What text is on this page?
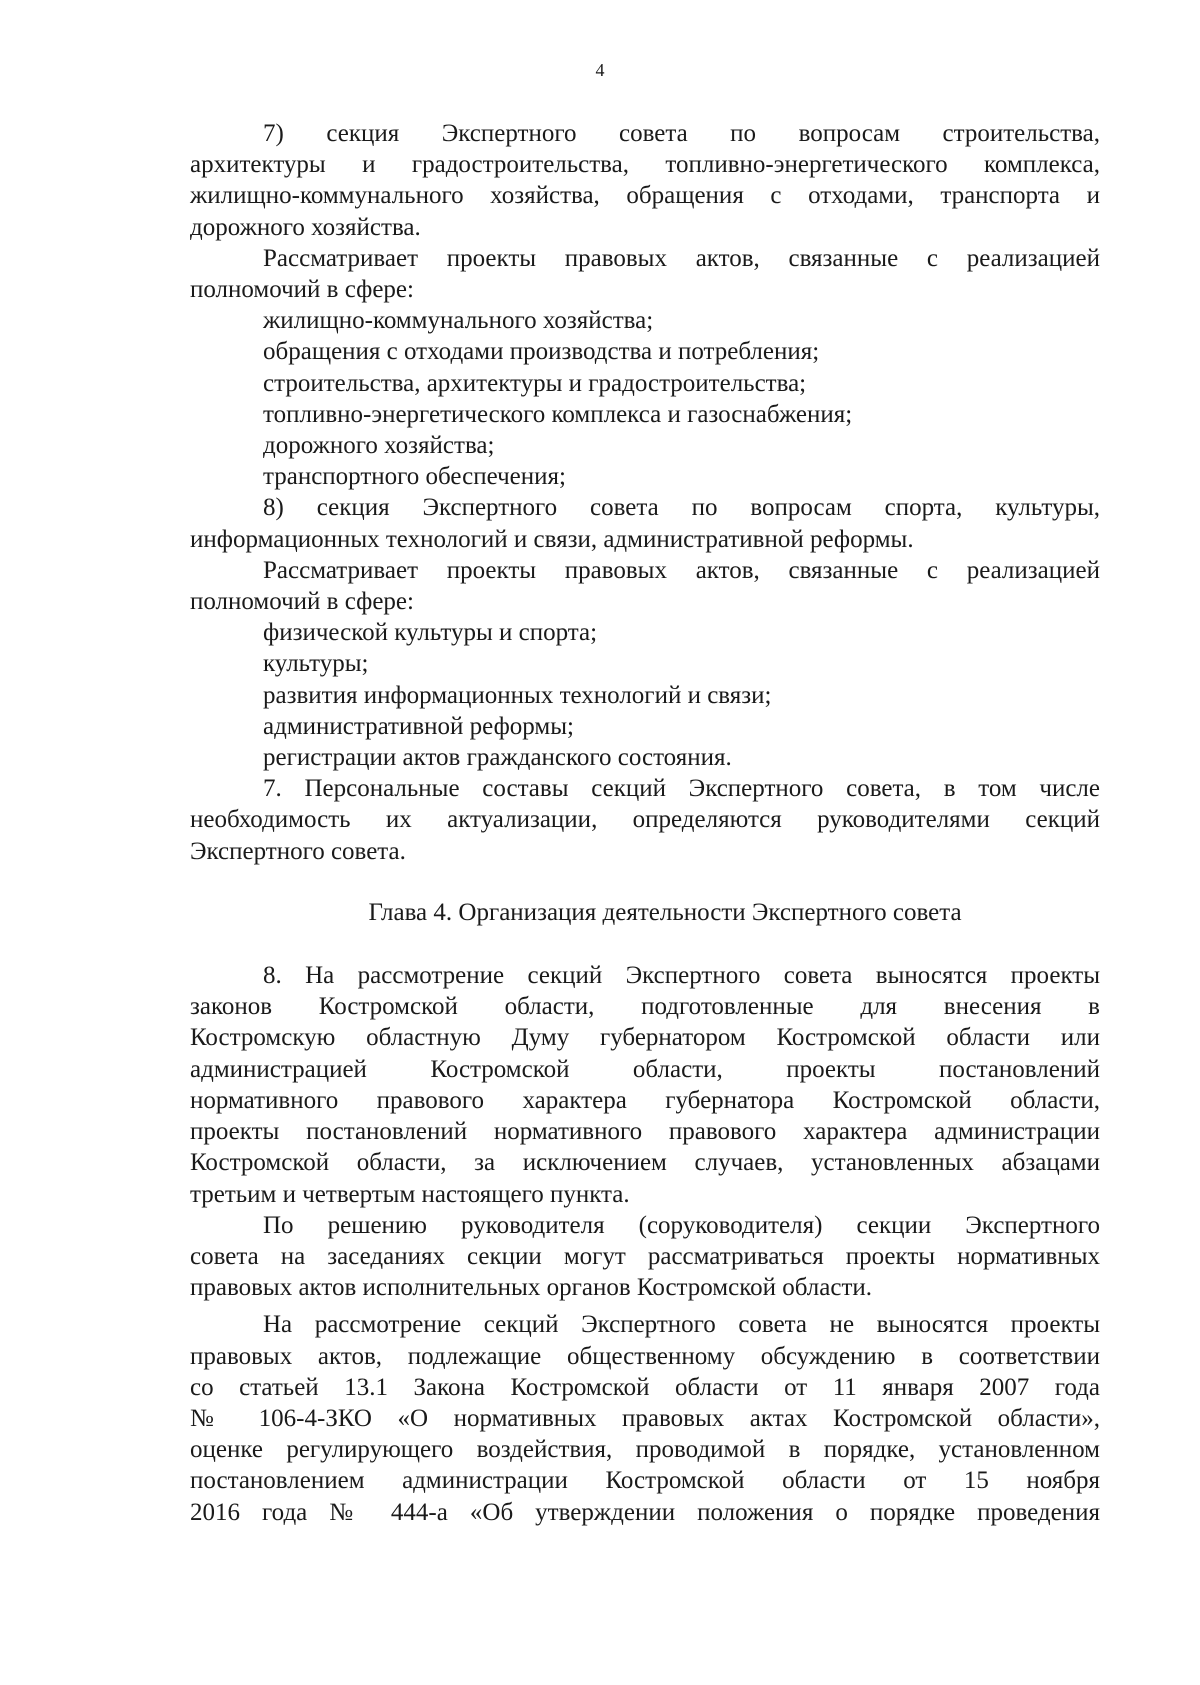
4

7) секция Экспертного совета по вопросам строительства,

архитектуры и градостроительства, топливно-энергетического комплекса,

жилищно-коммунального хозяйства, обращения с отходами, транспорта и

дорожного хозяйства.

Рассматривает проекты правовых актов, связанные с реализацией

полномочий в сфере:

жилищно-коммунального хозяйства;

обращения с отходами производства и потребления;

строительства, архитектуры и градостроительства;

топливно-энергетического комплекса и газоснабжения;

дорожного хозяйства;

транспортного обеспечения;

8) секция Экспертного совета по вопросам спорта, культуры,

информационных технологий и связи, административной реформы.

Рассматривает проекты правовых актов, связанные с реализацией

полномочий в сфере:

физической культуры и спорта;

культуры;

развития информационных технологий и связи;

административной реформы;

регистрации актов гражданского состояния.

7. Персональные составы секций Экспертного совета, в том числе

необходимость их актуализации, определяются руководителями секций

Экспертного совета.

Глава 4. Организация деятельности Экспертного совета

8. На рассмотрение секций Экспертного совета выносятся проекты

законов Костромской области, подготовленные для внесения в

Костромскую областную Думу губернатором Костромской области или

администрацией Костромской области, проекты постановлений

нормативного правового характера губернатора Костромской области,

проекты постановлений нормативного правового характера администрации

Костромской области, за исключением случаев, установленных абзацами

третьим и четвертым настоящего пункта.

По решению руководителя (соруководителя) секции Экспертного

совета на заседаниях секции могут рассматриваться проекты нормативных

правовых актов исполнительных органов Костромской области.

На рассмотрение секций Экспертного совета не выносятся проекты

правовых актов, подлежащие общественному обсуждению в соответствии

со статьей 13.1 Закона Костромской области от 11 января 2007 года

№ 106-4-ЗКО «О нормативных правовых актах Костромской области»,

оценке регулирующего воздействия, проводимой в порядке, установленном

постановлением администрации Костромской области от 15 ноября

2016 года № 444-а «Об утверждении положения о порядке проведения
